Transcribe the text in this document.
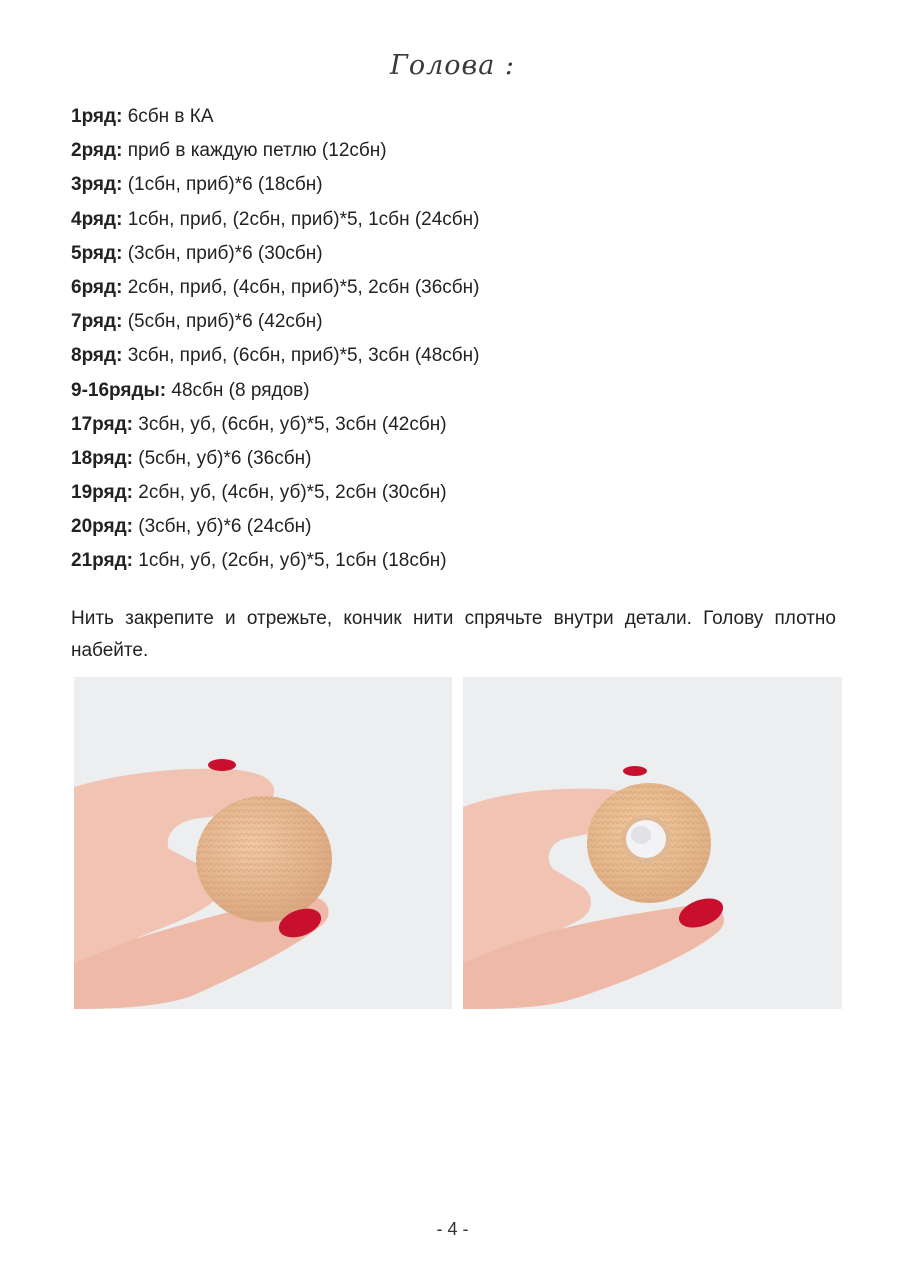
Голова :
1ряд: 6сбн в КА
2ряд: приб в каждую петлю (12сбн)
3ряд: (1сбн, приб)*6 (18сбн)
4ряд: 1сбн, приб, (2сбн, приб)*5, 1сбн (24сбн)
5ряд: (3сбн, приб)*6 (30сбн)
6ряд: 2сбн, приб, (4сбн, приб)*5, 2сбн (36сбн)
7ряд: (5сбн, приб)*6 (42сбн)
8ряд: 3сбн, приб, (6сбн, приб)*5, 3сбн (48сбн)
9-16ряды: 48сбн (8 рядов)
17ряд: 3сбн, уб, (6сбн, уб)*5, 3сбн (42сбн)
18ряд: (5сбн, уб)*6 (36сбн)
19ряд: 2сбн, уб, (4сбн, уб)*5, 2сбн (30сбн)
20ряд: (3сбн, уб)*6 (24сбн)
21ряд: 1сбн, уб, (2сбн, уб)*5, 1сбн (18сбн)

Нить закрепите и отрежьте, кончик нити спрячьте внутри детали. Голову плотно набейте.

- 4 -
